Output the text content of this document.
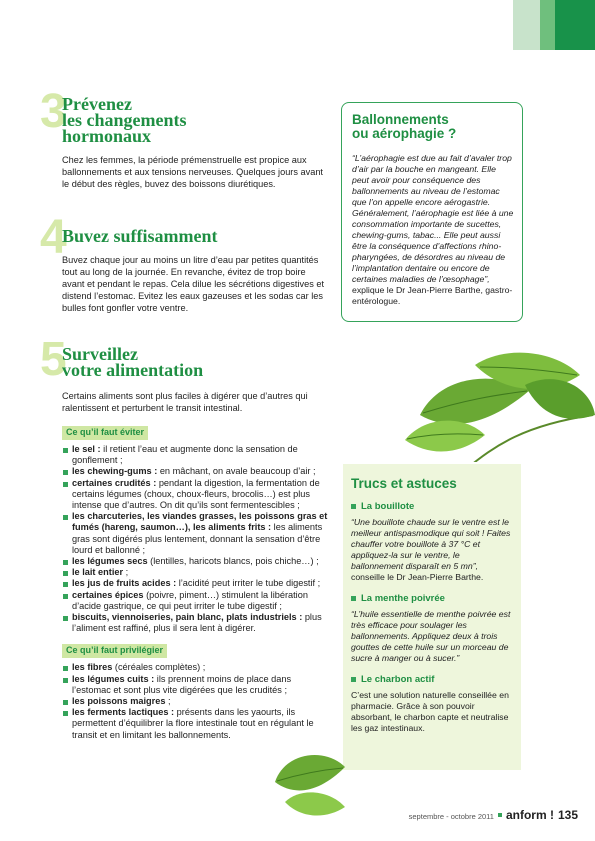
3
Prévenez
les changements
hormonaux

Chez les femmes, la période prémenstruelle est propice aux ballonnements et aux tensions nerveuses. Quelques jours avant le début des règles, buvez des boissons diurétiques.

4
Buvez suffisamment

Buvez chaque jour au moins un litre d’eau par petites quantités tout au long de la journée. En revanche, évitez de trop boire avant et pendant le repas. Cela dilue les sécrétions digestives et distend l’estomac. Evitez les eaux gazeuses et les sodas car les bulles font gonfler votre ventre.

5
Surveillez
votre alimentation

Certains aliments sont plus faciles à digérer que d’autres qui ralentissent et perturbent le transit intestinal.

Ce qu’il faut éviter
le sel : il retient l’eau et augmente donc la sensation de gonflement ;
les chewing-gums : en mâchant, on avale beaucoup d’air ;
certaines crudités : pendant la digestion, la fermentation de certains légumes (choux, choux-fleurs, brocolis…) est plus intense que d’autres. On dit qu’ils sont fermentescibles ;
les charcuteries, les viandes grasses, les poissons gras et fumés (hareng, saumon…), les aliments frits : les aliments gras sont digérés plus lentement, donnant la sensation d’être lourd et ballonné ;
les légumes secs (lentilles, haricots blancs, pois chiche…) ;
le lait entier ;
les jus de fruits acides : l’acidité peut irriter le tube digestif ;
certaines épices (poivre, piment…) stimulent la libération d’acide gastrique, ce qui peut irriter le tube digestif ;
biscuits, viennoiseries, pain blanc, plats industriels : plus l’aliment est raffiné, plus il sera lent à digérer.
Ce qu’il faut privilégier
les fibres (céréales complètes) ;
les légumes cuits : ils prennent moins de place dans l’estomac et sont plus vite digérées que les crudités ;
les poissons maigres ;
les ferments lactiques : présents dans les yaourts, ils permettent d’équilibrer la flore intestinale tout en régulant le transit et en limitant les ballonnements.
Ballonnements
ou aérophagie ?
“L’aérophagie est due au fait d’avaler trop d’air par la bouche en mangeant. Elle peut avoir pour conséquence des ballonnements au niveau de l’estomac que l’on appelle encore aérogastrie. Généralement, l’aérophagie est liée à une consommation importante de sucettes, chewing-gums, tabac... Elle peut aussi être la conséquence d’affections rhino-pharyngées, de désordres au niveau de l’implantation dentaire ou encore de certaines maladies de l’œsophage”, explique le Dr Jean-Pierre Barthe, gastro-entérologue.
Trucs et astuces
La bouillote
“Une bouillote chaude sur le ventre est le meilleur antispasmodique qui soit ! Faites chauffer votre bouillote à 37 °C et appliquez-la sur le ventre, le ballonnement disparaît en 5 mn”, conseille le Dr Jean-Pierre Barthe.
La menthe poivrée
“L’huile essentielle de menthe poivrée est très efficace pour soulager les ballonnements. Appliquez deux à trois gouttes de cette huile sur un morceau de sucre à manger ou à sucer.”
Le charbon actif
C’est une solution naturelle conseillée en pharmacie. Grâce à son pouvoir absorbant, le charbon capte et neutralise les gaz intestinaux.
septembre - octobre 2011 anform ! 135
